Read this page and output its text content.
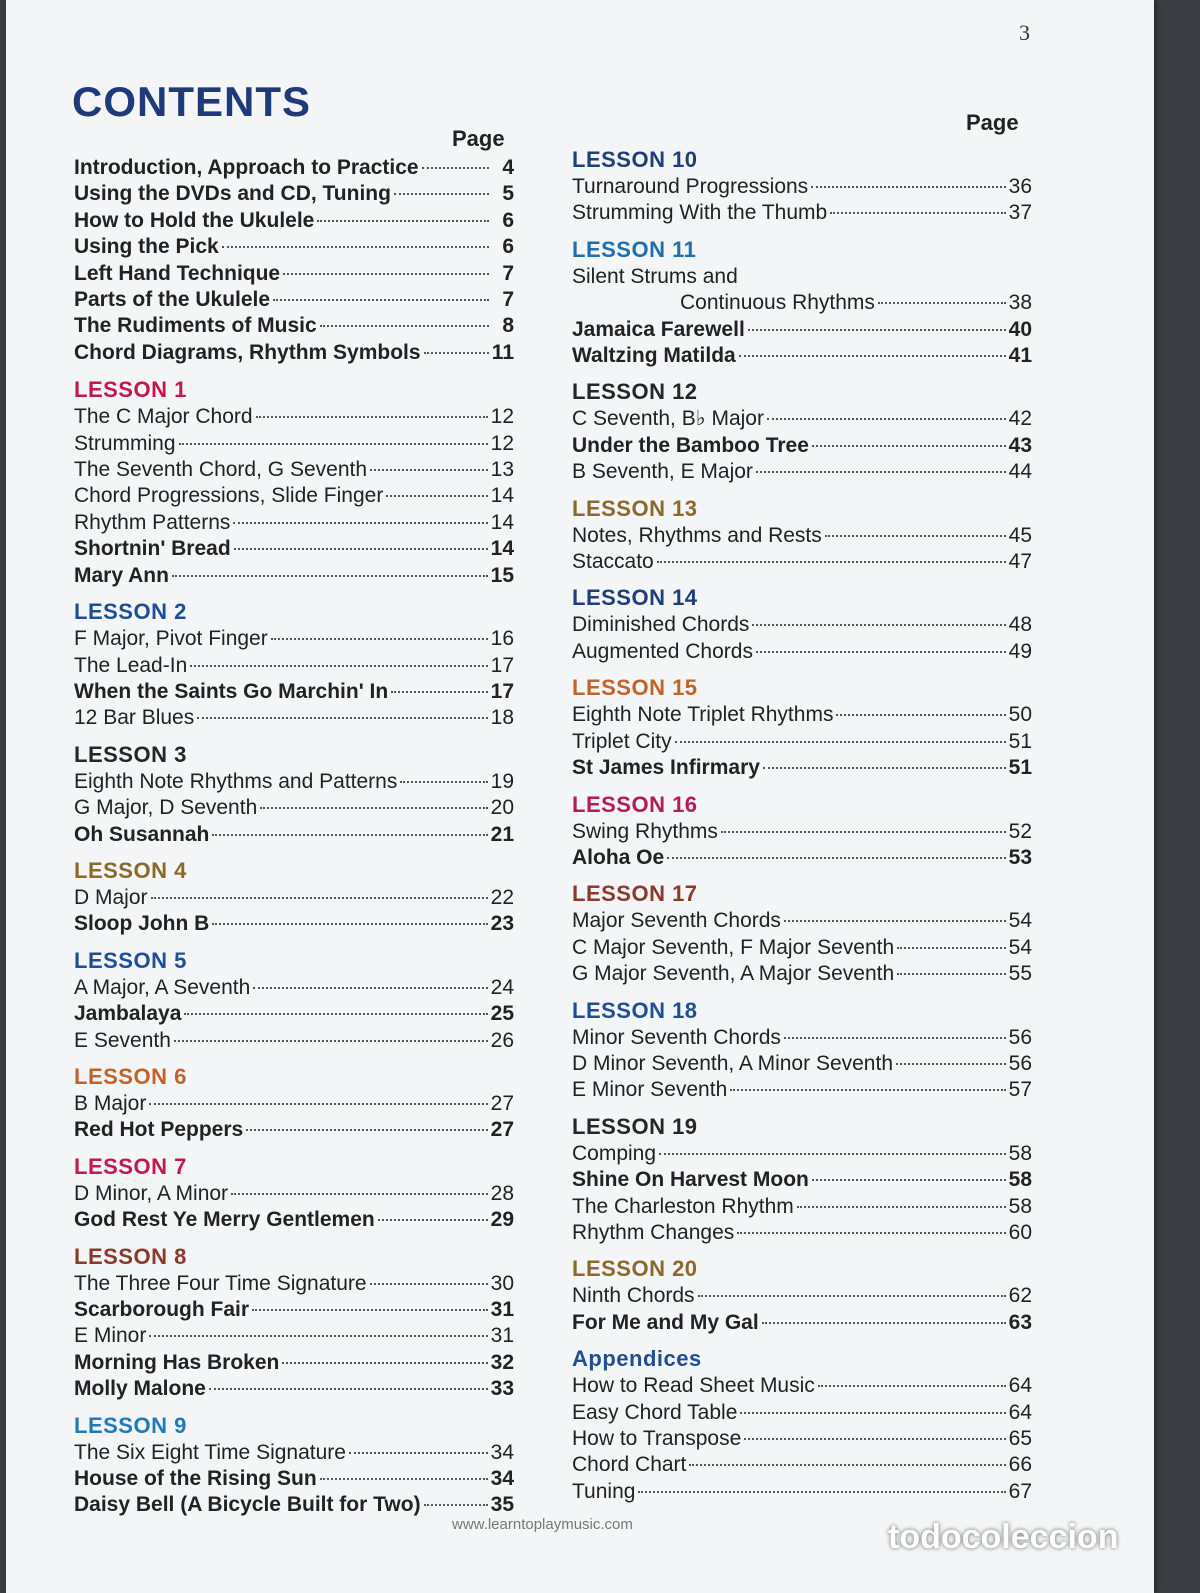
3
CONTENTS
Page
Page
Introduction, Approach to Practice	4
Using the DVDs and CD, Tuning	5
How to Hold the Ukulele	6
Using the Pick	6
Left Hand Technique	7
Parts of the Ukulele	7
The Rudiments of Music	8
Chord Diagrams, Rhythm Symbols	11
LESSON 1
The C Major Chord	12
Strumming	12
The Seventh Chord, G Seventh	13
Chord Progressions, Slide Finger	14
Rhythm Patterns	14
Shortnin' Bread	14
Mary Ann	15
LESSON 2
F Major, Pivot Finger	16
The Lead-In	17
When the Saints Go Marchin' In	17
12 Bar Blues	18
LESSON 3
Eighth Note Rhythms and Patterns	19
G Major, D Seventh	20
Oh Susannah	21
LESSON 4
D Major	22
Sloop John B	23
LESSON 5
A Major, A Seventh	24
Jambalaya	25
E Seventh	26
LESSON 6
B Major	27
Red Hot Peppers	27
LESSON 7
D Minor, A Minor	28
God Rest Ye Merry Gentlemen	29
LESSON 8
The Three Four Time Signature	30
Scarborough Fair	31
E Minor	31
Morning Has Broken	32
Molly Malone	33
LESSON 9
The Six Eight Time Signature	34
House of the Rising Sun	34
Daisy Bell (A Bicycle Built for Two)	35
LESSON 10
Turnaround Progressions	36
Strumming With the Thumb	37
LESSON 11
Silent Strums and
Continuous Rhythms	38
Jamaica Farewell	40
Waltzing Matilda	41
LESSON 12
C Seventh, B♭ Major	42
Under the Bamboo Tree	43
B Seventh, E Major	44
LESSON 13
Notes, Rhythms and Rests	45
Staccato	47
LESSON 14
Diminished Chords	48
Augmented Chords	49
LESSON 15
Eighth Note Triplet Rhythms	50
Triplet City	51
St James Infirmary	51
LESSON 16
Swing Rhythms	52
Aloha Oe	53
LESSON 17
Major Seventh Chords	54
C Major Seventh, F Major Seventh	54
G Major Seventh, A Major Seventh	55
LESSON 18
Minor Seventh Chords	56
D Minor Seventh, A Minor Seventh	56
E Minor Seventh	57
LESSON 19
Comping	58
Shine On Harvest Moon	58
The Charleston Rhythm	58
Rhythm Changes	60
LESSON 20
Ninth Chords	62
For Me and My Gal	63
Appendices
How to Read Sheet Music	64
Easy Chord Table	64
How to Transpose	65
Chord Chart	66
Tuning	67
www.learntoplaymusic.com	todocoleccion
